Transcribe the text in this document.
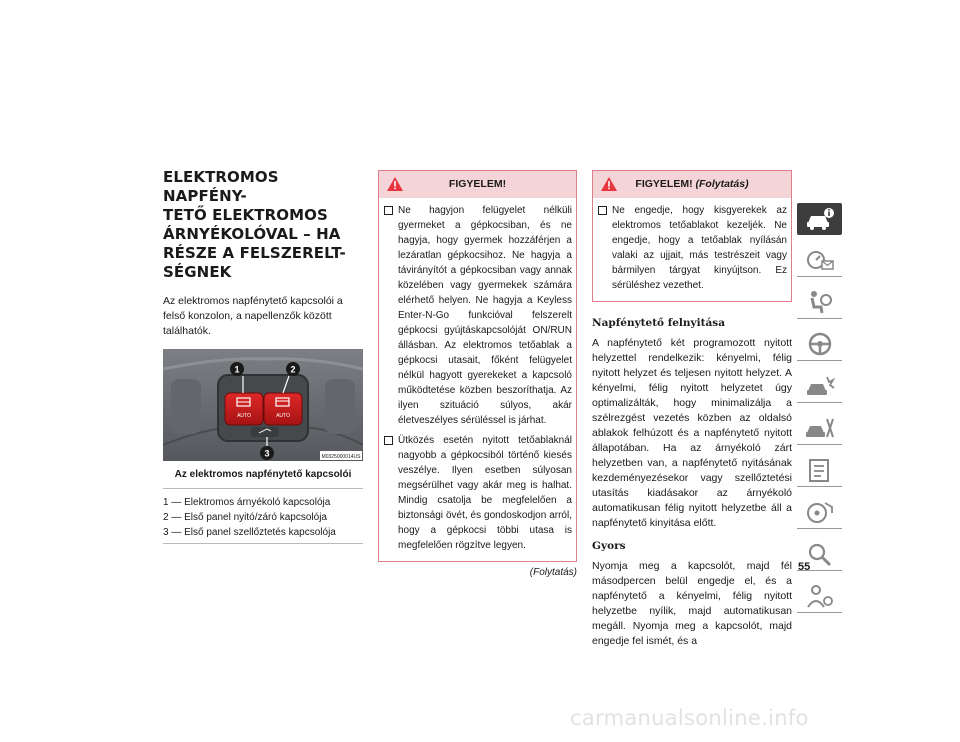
ELEKTROMOS NAPFÉNY-
TETŐ ELEKTROMOS
ÁRNYÉKOLÓVAL – HA
RÉSZE A FELSZERELT-
SÉGNEK

Az elektromos napfénytető kapcsolói a felső konzolon, a napellenzők között találhatók.

AUTO	AUTO
1	2
3	M0325000014US

Az elektromos napfénytető kapcsolói

1 — Elektromos árnyékoló kapcsolója
2 — Első panel nyitó/záró kapcsolója
3 — Első panel szellőztetés kapcsolója
FIGYELEM!

Ne hagyjon felügyelet nélküli gyermeket a gépkocsiban, és ne hagyja, hogy gyermek hozzáférjen a lezáratlan gépkocsihoz. Ne hagyja a távirányítót a gépkocsiban vagy annak közelében vagy gyermekek számára elérhető helyen. Ne hagyja a Keyless Enter-N-Go funkcióval felszerelt gépkocsi gyújtáskapcsolóját ON/RUN állásban. Az elektromos tetőablak a gépkocsi utasait, főként felügyelet nélkül hagyott gyerekeket a kapcsoló működtetése közben beszoríthatja. Az ilyen szituáció súlyos, akár életveszélyes sérüléssel is járhat.

Ütközés esetén nyitott tetőablaknál nagyobb a gépkocsiból történő kiesés veszélye. Ilyen esetben súlyosan megsérülhet vagy akár meg is halhat. Mindig csatolja be megfelelően a biztonsági övét, és gondoskodjon arról, hogy a gépkocsi többi utasa is megfelelően rögzítve legyen.

(Folytatás)
FIGYELEM! (Folytatás)

Ne engedje, hogy kisgyerekek az elektromos tetőablakot kezeljék. Ne engedje, hogy a tetőablak nyílásán valaki az ujjait, más testrészeit vagy bármilyen tárgyat kinyújtson. Ez sérüléshez vezethet.

Napfénytető felnyitása

A napfénytető két programozott nyitott helyzettel rendelkezik: kényelmi, félig nyitott helyzet és teljesen nyitott helyzet. A kényelmi, félig nyitott helyzetet úgy optimalizálták, hogy minimalizálja a szélrezgést vezetés közben az oldalsó ablakok felhúzott és a napfénytető nyitott állapotában. Ha az árnyékoló zárt helyzetben van, a napfénytető nyitásának kezdeményezésekor vagy szellőztetési utasítás kiadásakor az árnyékoló automatikusan félig nyitott helyzetbe áll a napfénytető kinyitása előtt.

Gyors

Nyomja meg a kapcsolót, majd fél másodpercen belül engedje el, és a napfénytető a kényelmi, félig nyitott helyzetbe nyílik, majd automatikusan megáll. Nyomja meg a kapcsolót, majd engedje fel ismét, és a

55
carmanualsonline.info
